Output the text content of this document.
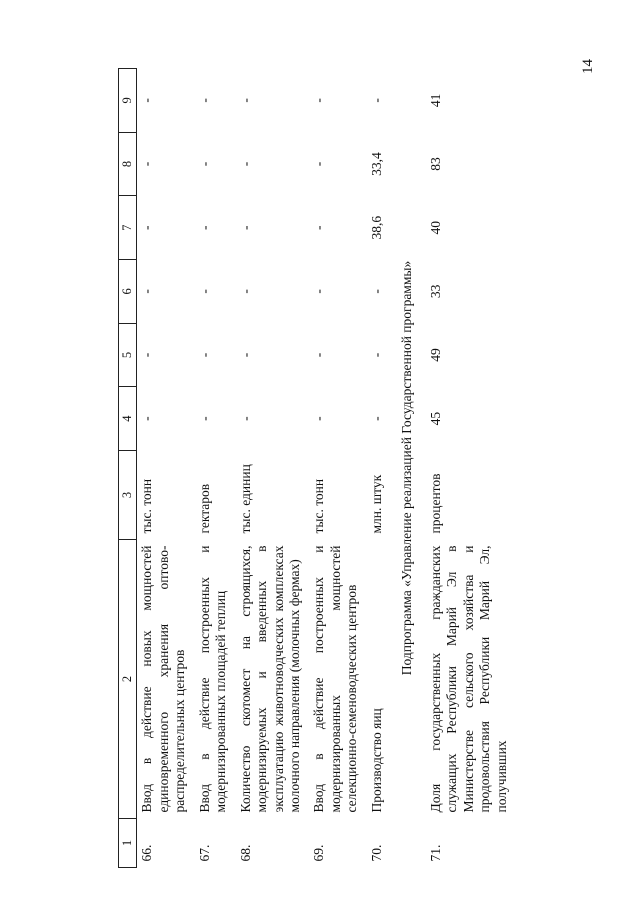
14
1	2	3	4	5	6	7	8	9
66.	Ввод в действие новых мощностей единовременного хранения оптово-распределительных центров	тыс. тонн	-	-	-	-	-	-
67.	Ввод в действие построенных и модернизированных площадей теплиц	гектаров	-	-	-	-	-	-
68.	Количество скотомест на строящихся, модернизируемых и введенных в эксплуатацию животноводческих комплексах молочного направления (молочных фермах)	тыс. единиц	-	-	-	-	-	-
69.	Ввод в действие построенных и модернизированных мощностей селекционно-семеноводческих центров	тыс. тонн	-	-	-	-	-	-
70.	Производство яиц	млн. штук	-	-	-	38,6	33,4	-
Подпрограмма «Управление реализацией Государственной программы»								
71.	Доля государственных гражданских служащих Республики Марий Эл в Министерстве сельского хозяйства и продовольствия Республики Марий Эл, получивших	процентов	45	49	33	40	83	41
